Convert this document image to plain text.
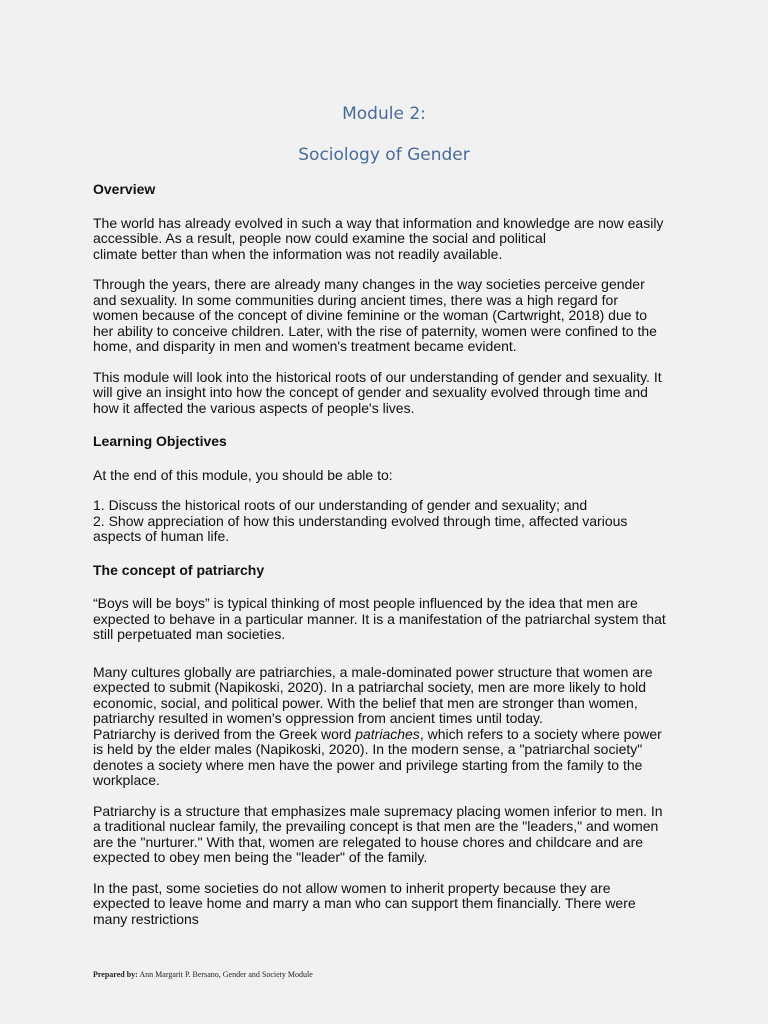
Module 2:
Sociology of Gender
Overview
The world has already evolved in such a way that information and knowledge are now easily
accessible. As a result, people now could examine the social and political
climate better than when the information was not readily available.
Through the years, there are already many changes in the way societies perceive gender
and sexuality. In some communities during ancient times, there was a high regard for
women because of the concept of divine feminine or the woman (Cartwright, 2018) due to
her ability to conceive children. Later, with the rise of paternity, women were confined to the
home, and disparity in men and women's treatment became evident.
This module will look into the historical roots of our understanding of gender and sexuality. It
will give an insight into how the concept of gender and sexuality evolved through time and
how it affected the various aspects of people's lives.
Learning Objectives
At the end of this module, you should be able to:
1. Discuss the historical roots of our understanding of gender and sexuality; and
2. Show appreciation of how this understanding evolved through time, affected various
aspects of human life.
The concept of patriarchy
“Boys will be boys” is typical thinking of most people influenced by the idea that men are
expected to behave in a particular manner. It is a manifestation of the patriarchal system that
still perpetuated man societies.
Many cultures globally are patriarchies, a male-dominated power structure that women are
expected to submit (Napikoski, 2020). In a patriarchal society, men are more likely to hold
economic, social, and political power. With the belief that men are stronger than women,
patriarchy resulted in women's oppression from ancient times until today.
Patriarchy is derived from the Greek word patriaches, which refers to a society where power
is held by the elder males (Napikoski, 2020). In the modern sense, a "patriarchal society"
denotes a society where men have the power and privilege starting from the family to the
workplace.
Patriarchy is a structure that emphasizes male supremacy placing women inferior to men. In
a traditional nuclear family, the prevailing concept is that men are the "leaders," and women
are the "nurturer." With that, women are relegated to house chores and childcare and are
expected to obey men being the "leader" of the family.
In the past, some societies do not allow women to inherit property because they are
expected to leave home and marry a man who can support them financially. There were
many restrictions
Prepared by: Ann Margarit P. Bersano, Gender and Society Module
